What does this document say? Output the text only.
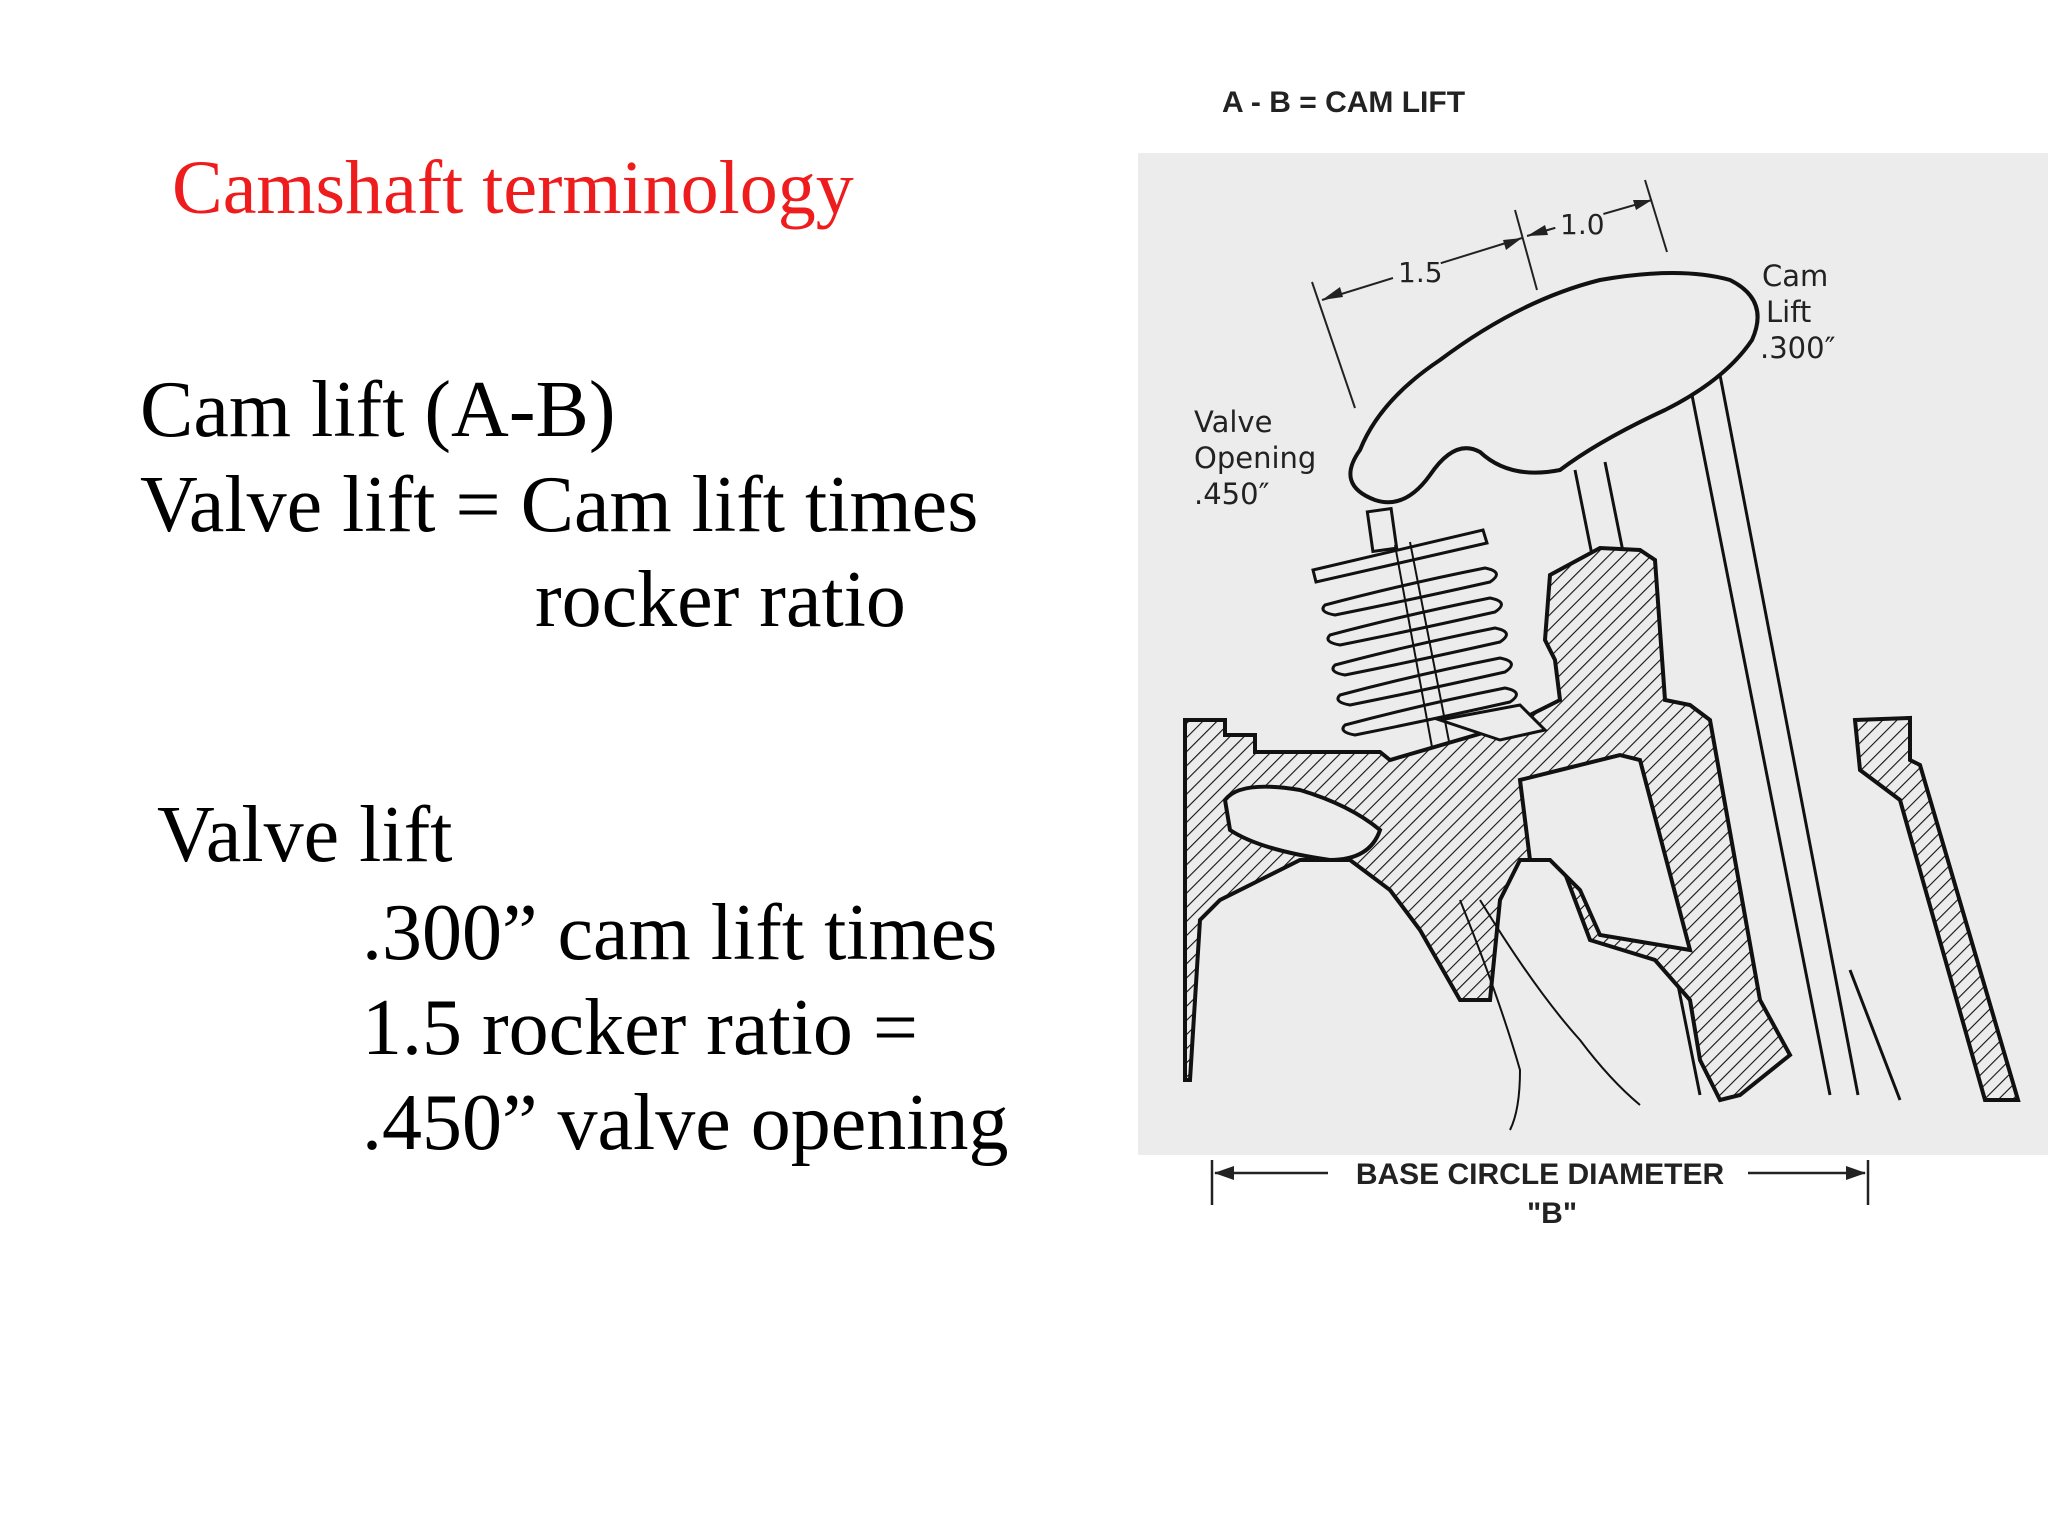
Camshaft terminology
Cam lift (A-B)
Valve lift = Cam lift times
rocker ratio
Valve lift
.300” cam lift times
1.5 rocker ratio =
.450” valve opening
A - B = CAM LIFT
1.5
1.0
Cam Lift .300″
Valve Opening .450″
BASE CIRCLE DIAMETER
"B"
